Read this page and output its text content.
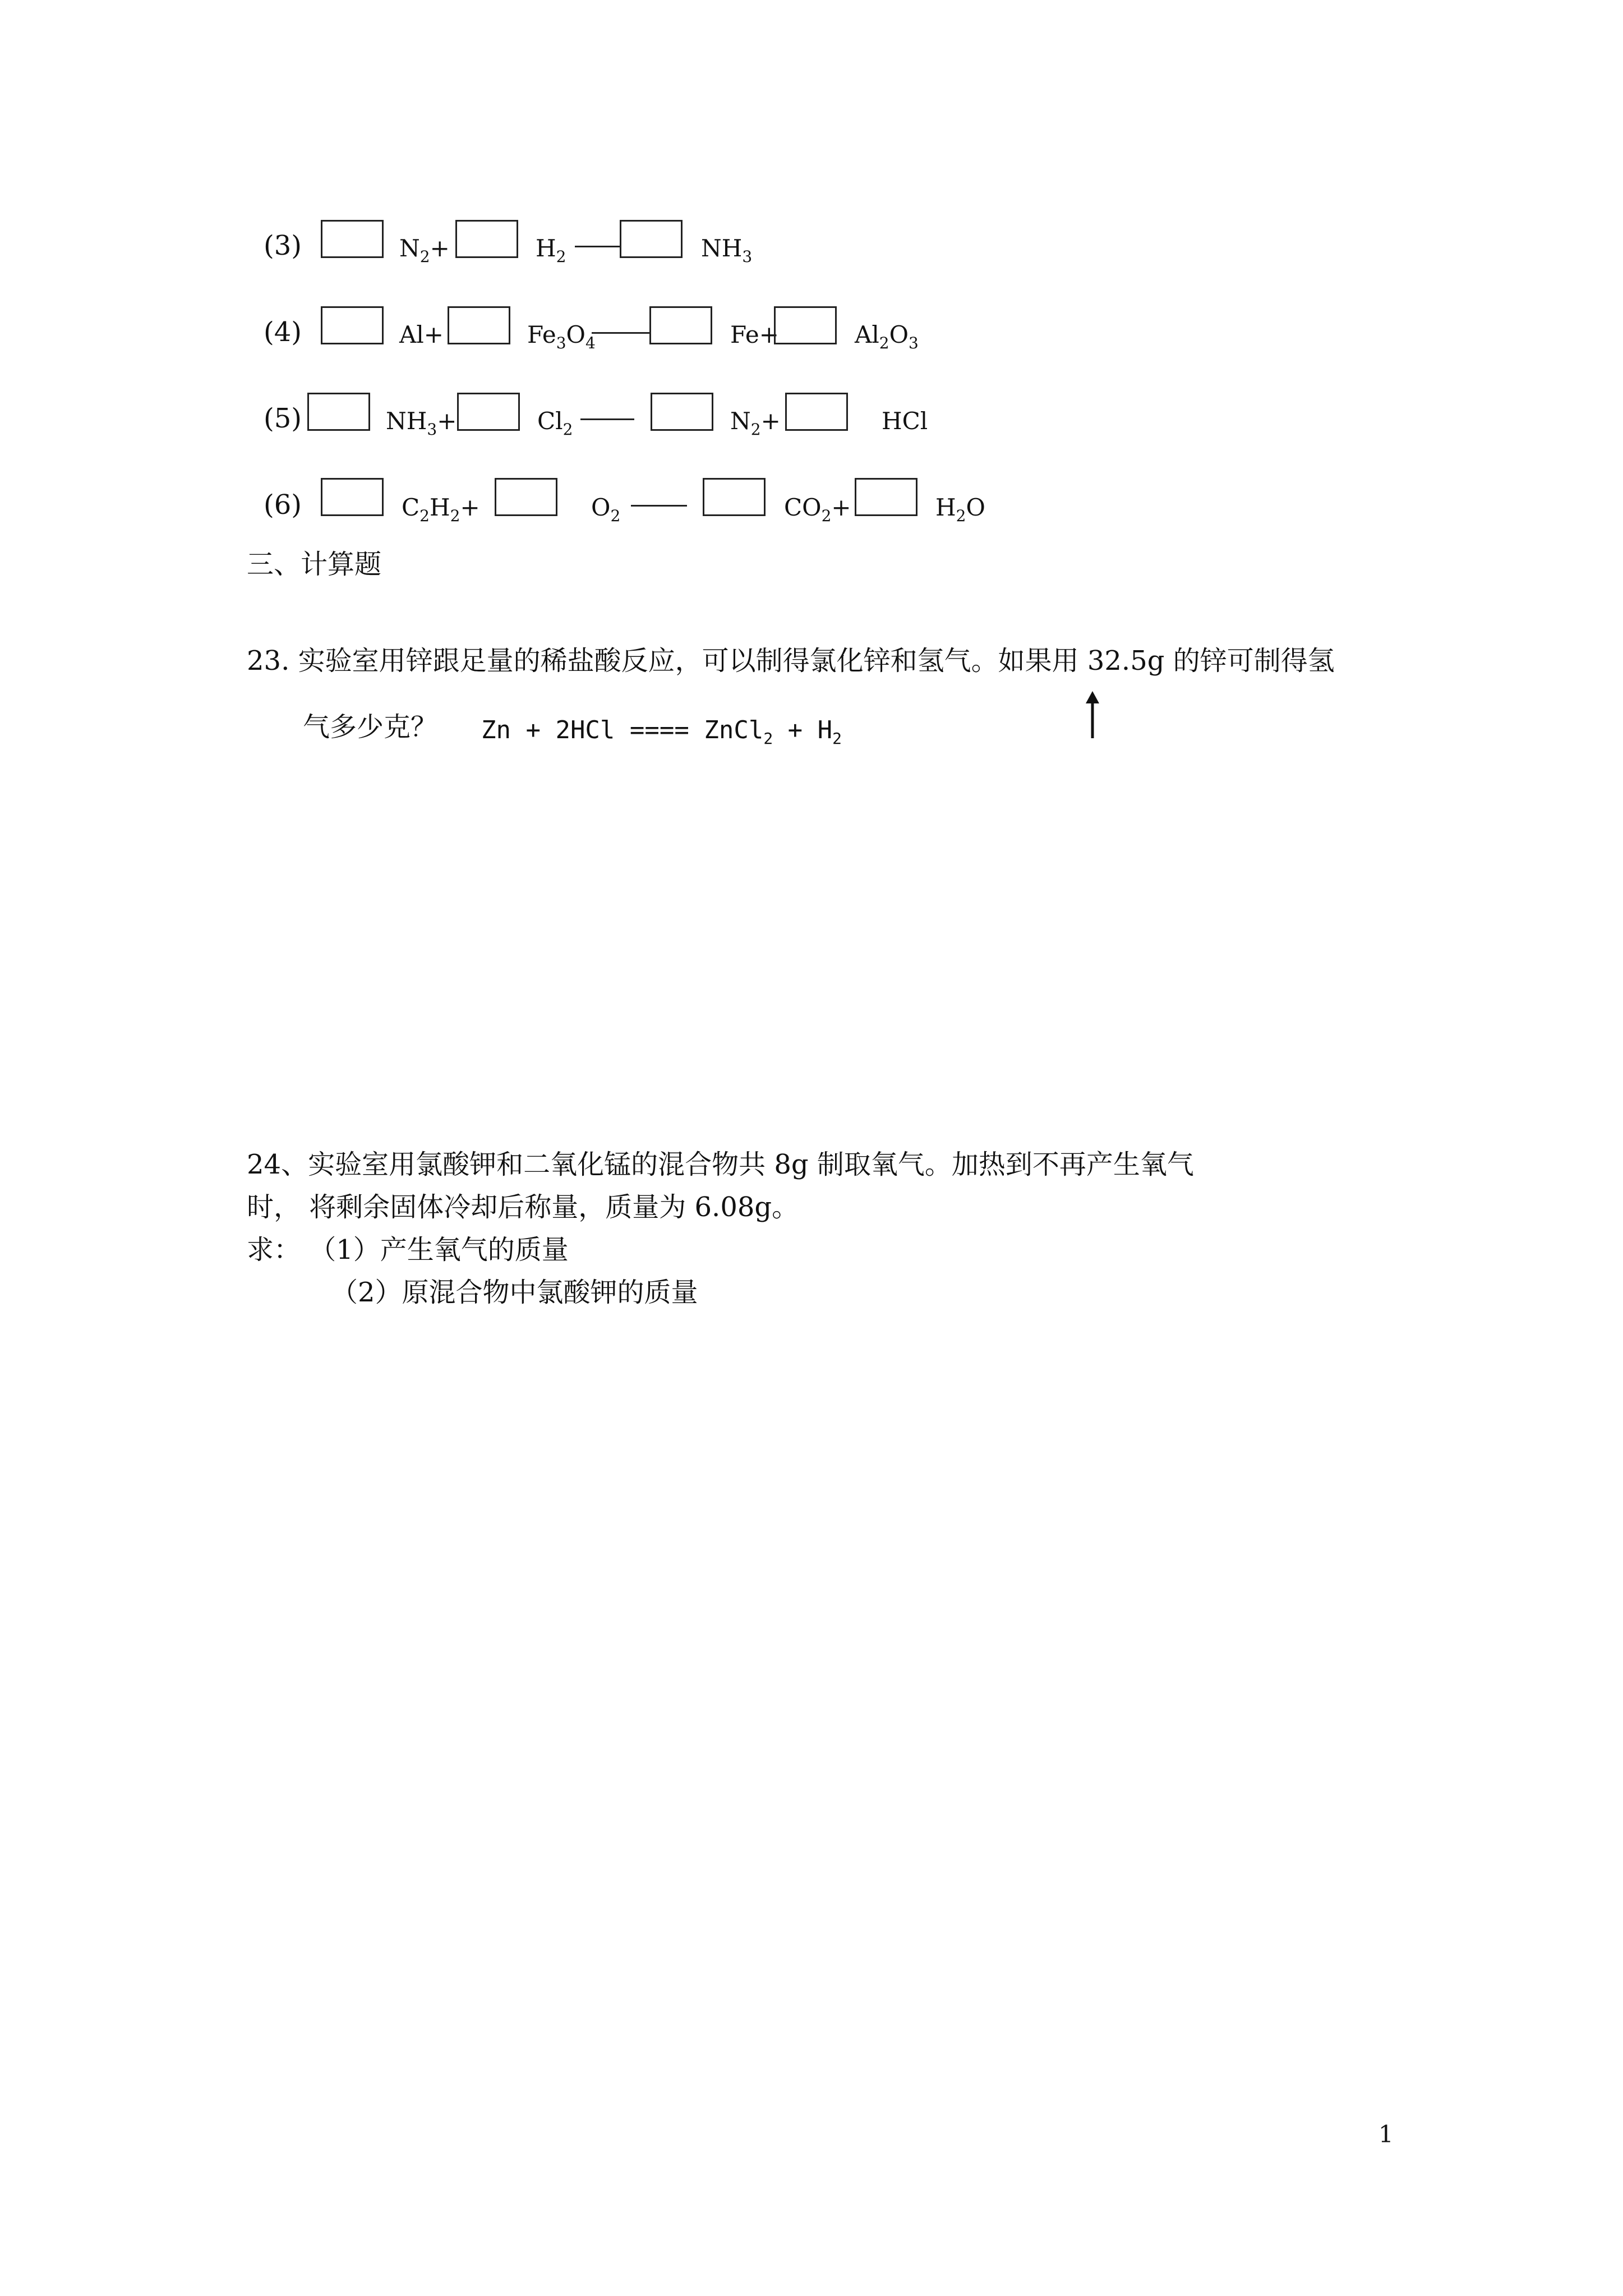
(3)	$N_2+$	$H_2$	$NH_3$
(4)	Al+	$Fe_3O_4$	Fe+	$Al_2O_3$
(5)	$NH_3+$	$Cl_2$	$N_2+$	HCl
(6)	$C_2H_2+$	$O_2$	$CO_2+$	$H_2O$
三、计算题
23. 实验室用锌跟足量的稀盐酸反应，可以制得氯化锌和氢气。如果用 32.5g 的锌可制得氢
气多少克？ Zn + 2HCl ==== ZnCl$_2$ + $H_2$
24、实验室用氯酸钾和二氧化锰的混合物共 8g 制取氧气。加热到不再产生氧气
时， 将剩余固体冷却后称量，质量为 6.08g。
求： （1）产生氧气的质量
（2）原混合物中氯酸钾的质量
1
